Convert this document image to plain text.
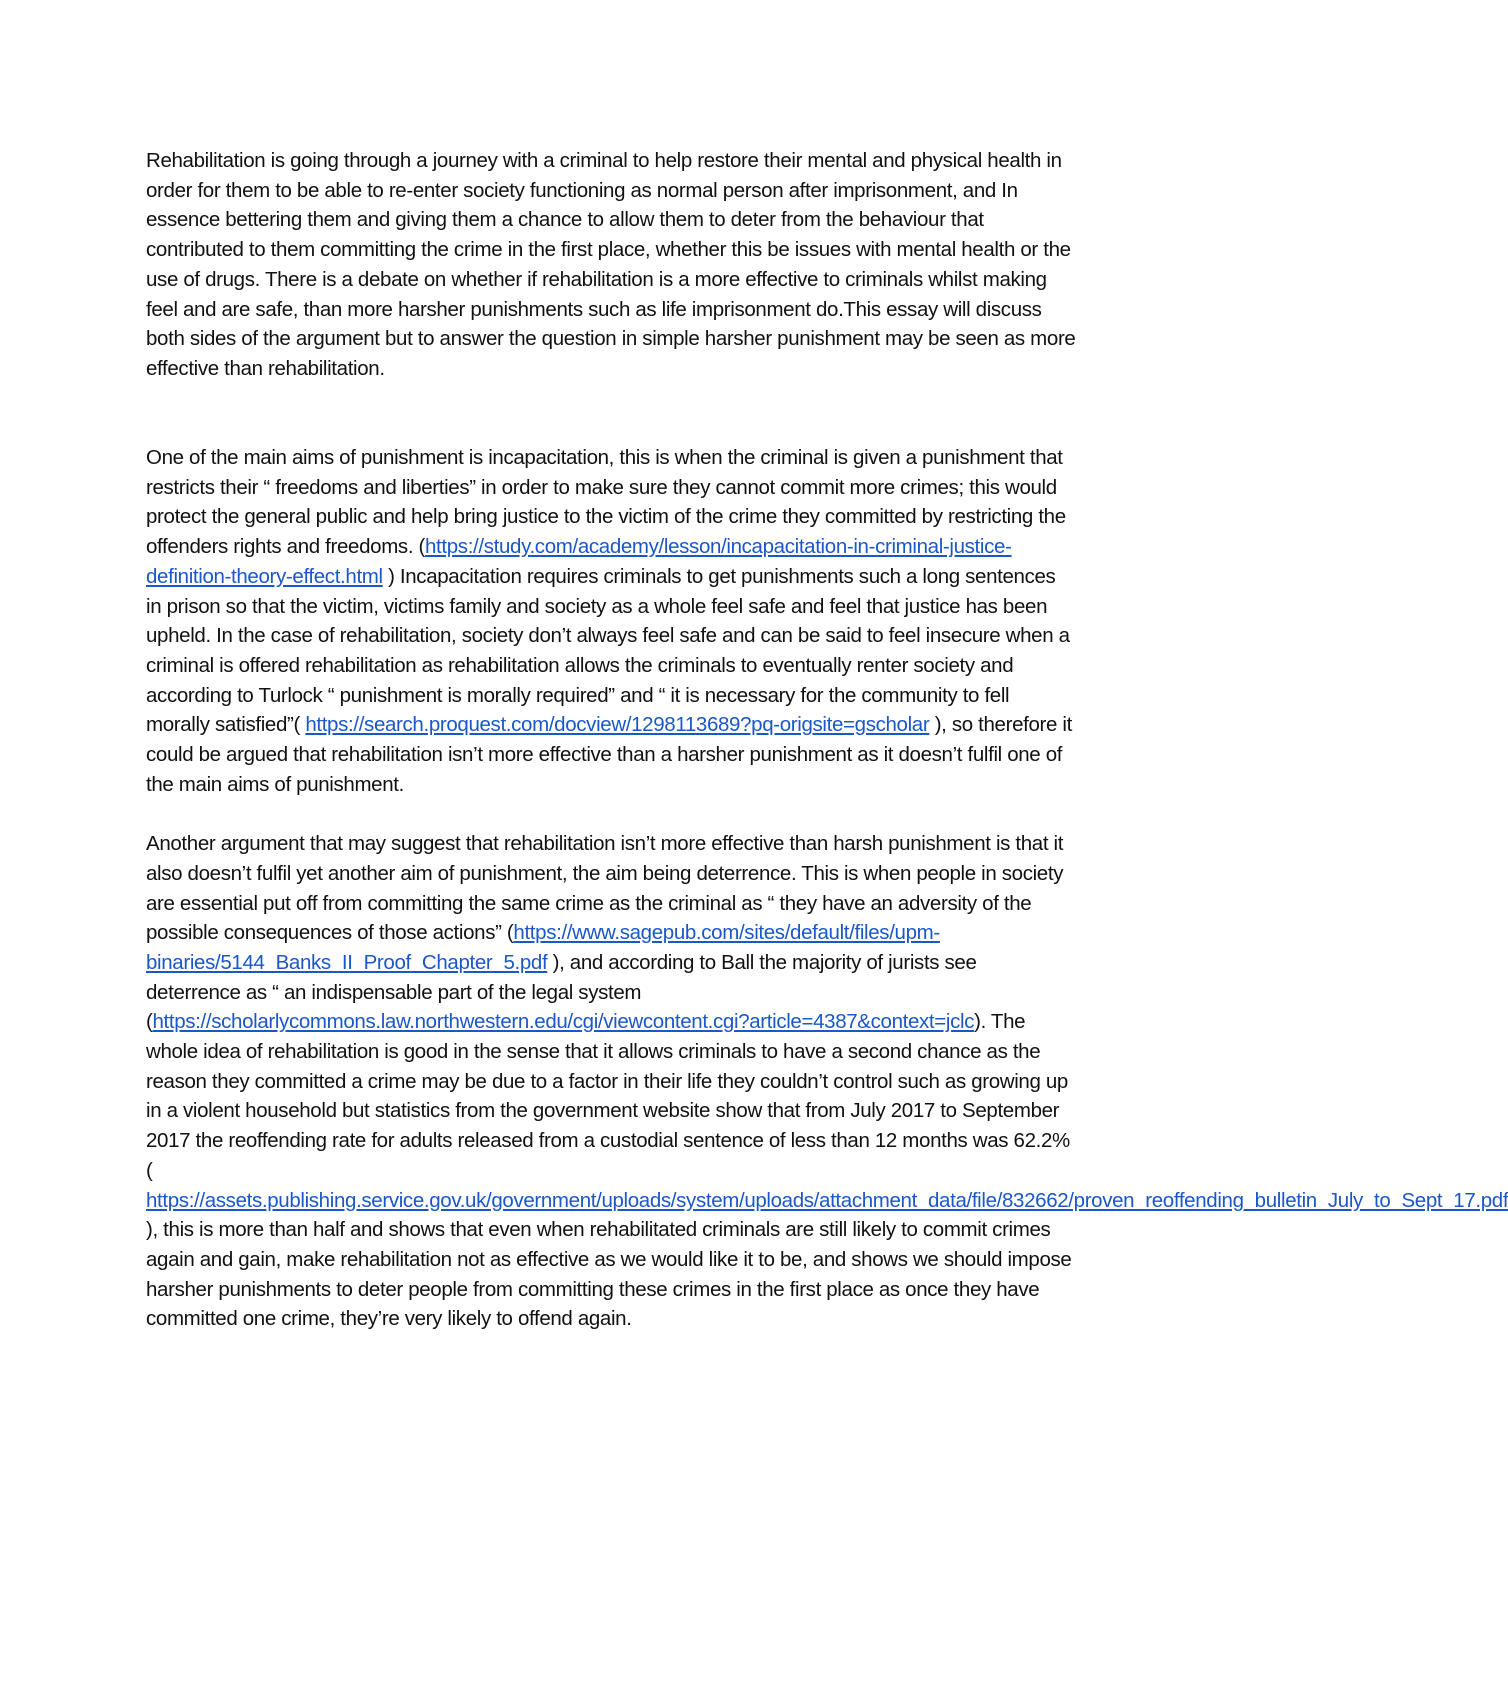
Rehabilitation is going through a journey with a criminal to help restore their mental and physical health in order for them to be able to re-enter society functioning as normal person after imprisonment, and In essence bettering them and giving them a chance to allow them to deter from the behaviour that contributed to them committing the crime in the first place, whether this be issues with mental health or the use of drugs. There is a debate on whether if rehabilitation is a more effective to criminals whilst making feel and are safe, than more harsher punishments such as life imprisonment do.This essay will discuss both sides of the argument but to answer the question in simple harsher punishment may be seen as more effective than rehabilitation.

One of the main aims of punishment is incapacitation, this is when the criminal is given a punishment that restricts their “ freedoms and liberties” in order to make sure they cannot commit more crimes; this would protect the general public and help bring justice to the victim of the crime they committed by restricting the offenders rights and freedoms. (https://study.com/academy/lesson/incapacitation-in-criminal-justice-definition-theory-effect.html ) Incapacitation requires criminals to get punishments such a long sentences in prison so that the victim, victims family and society as a whole feel safe and feel that justice has been upheld. In the case of rehabilitation, society don’t always feel safe and can be said to feel insecure when a criminal is offered rehabilitation as rehabilitation allows the criminals to eventually renter society and according to Turlock “ punishment is morally required” and “ it is necessary for the community to fell morally satisfied”( https://search.proquest.com/docview/1298113689?pq-origsite=gscholar ), so therefore it could be argued that rehabilitation isn’t more effective than a harsher punishment as it doesn’t fulfil one of the main aims of punishment.

Another argument that may suggest that rehabilitation isn’t more effective than harsh punishment is that it also doesn’t fulfil yet another aim of punishment, the aim being deterrence. This is when people in society are essential put off from committing the same crime as the criminal as “ they have an adversity of the possible consequences of those actions” (https://www.sagepub.com/sites/default/files/upm-binaries/5144_Banks_II_Proof_Chapter_5.pdf ), and according to Ball the majority of jurists see deterrence as “ an indispensable part of the legal system (https://scholarlycommons.law.northwestern.edu/cgi/viewcontent.cgi?article=4387&context=jclc). The whole idea of rehabilitation is good in the sense that it allows criminals to have a second chance as the reason they committed a crime may be due to a factor in their life they couldn’t control such as growing up in a violent household but statistics from the government website show that from July 2017 to September 2017 the reoffending rate for adults released from a custodial sentence of less than 12 months was 62.2% ( https://assets.publishing.service.gov.uk/government/uploads/system/uploads/attachment_data/file/832662/proven_reoffending_bulletin_July_to_Sept_17.pdf ), this is more than half and shows that even when rehabilitated criminals are still likely to commit crimes again and gain, make rehabilitation not as effective as we would like it to be, and shows we should impose harsher punishments to deter people from committing these crimes in the first place as once they have committed one crime, they’re very likely to offend again.
